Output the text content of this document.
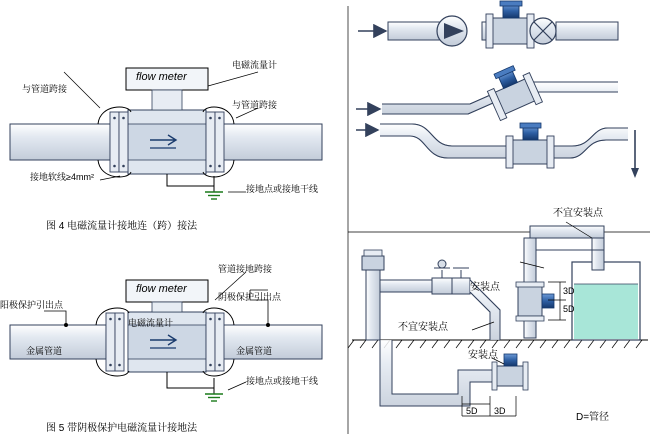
与管道跨接
电磁流量计
与管道跨接
接地软线≥4mm²
接地点或接地干线
flow meter
图 4 电磁流量计接地连（跨）接法
管道接地跨接
阴极保护引出点
阳极保护引出点
电磁流量计
金属管道	金属管道
接地点或接地干线
flow meter
图 5 带阴极保护电磁流量计接地法
不宜安装点
安装点	3D
5D
不宜安装点
安装点
5D 3D
D=管径
